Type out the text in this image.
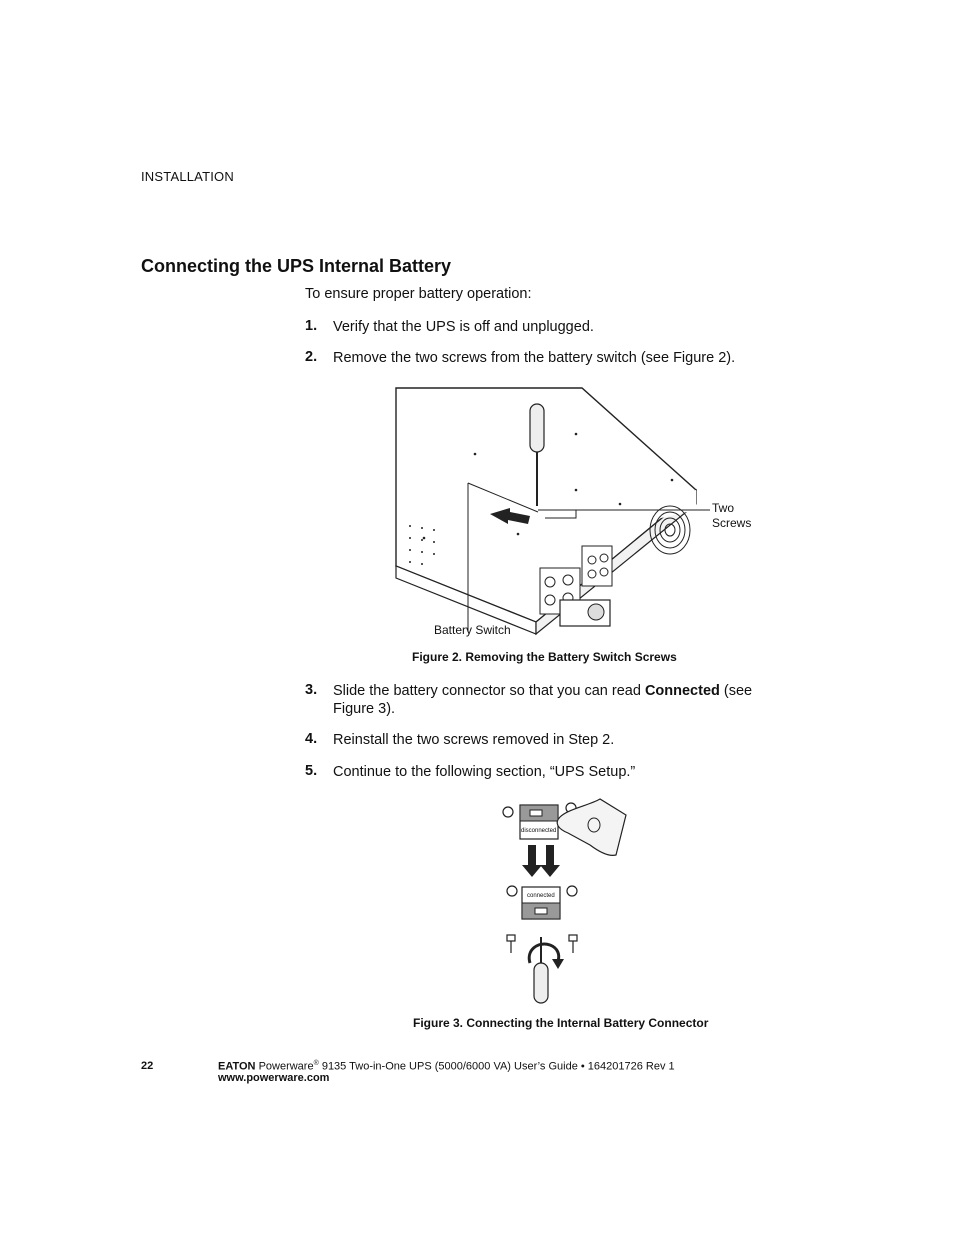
INSTALLATION
Connecting the UPS Internal Battery
To ensure proper battery operation:
1. Verify that the UPS is off and unplugged.
2. Remove the two screws from the battery switch (see Figure 2).
Two
Screws
Battery Switch
Figure 2. Removing the Battery Switch Screws
3. Slide the battery connector so that you can read Connected (see Figure 3).
4. Reinstall the two screws removed in Step 2.
5. Continue to the following section, “UPS Setup.”
disconnected
connected
Figure 3. Connecting the Internal Battery Connector
22	EATON Powerware® 9135 Two-in-One UPS (5000/6000 VA) User’s Guide • 164201726 Rev 1
www.powerware.com
